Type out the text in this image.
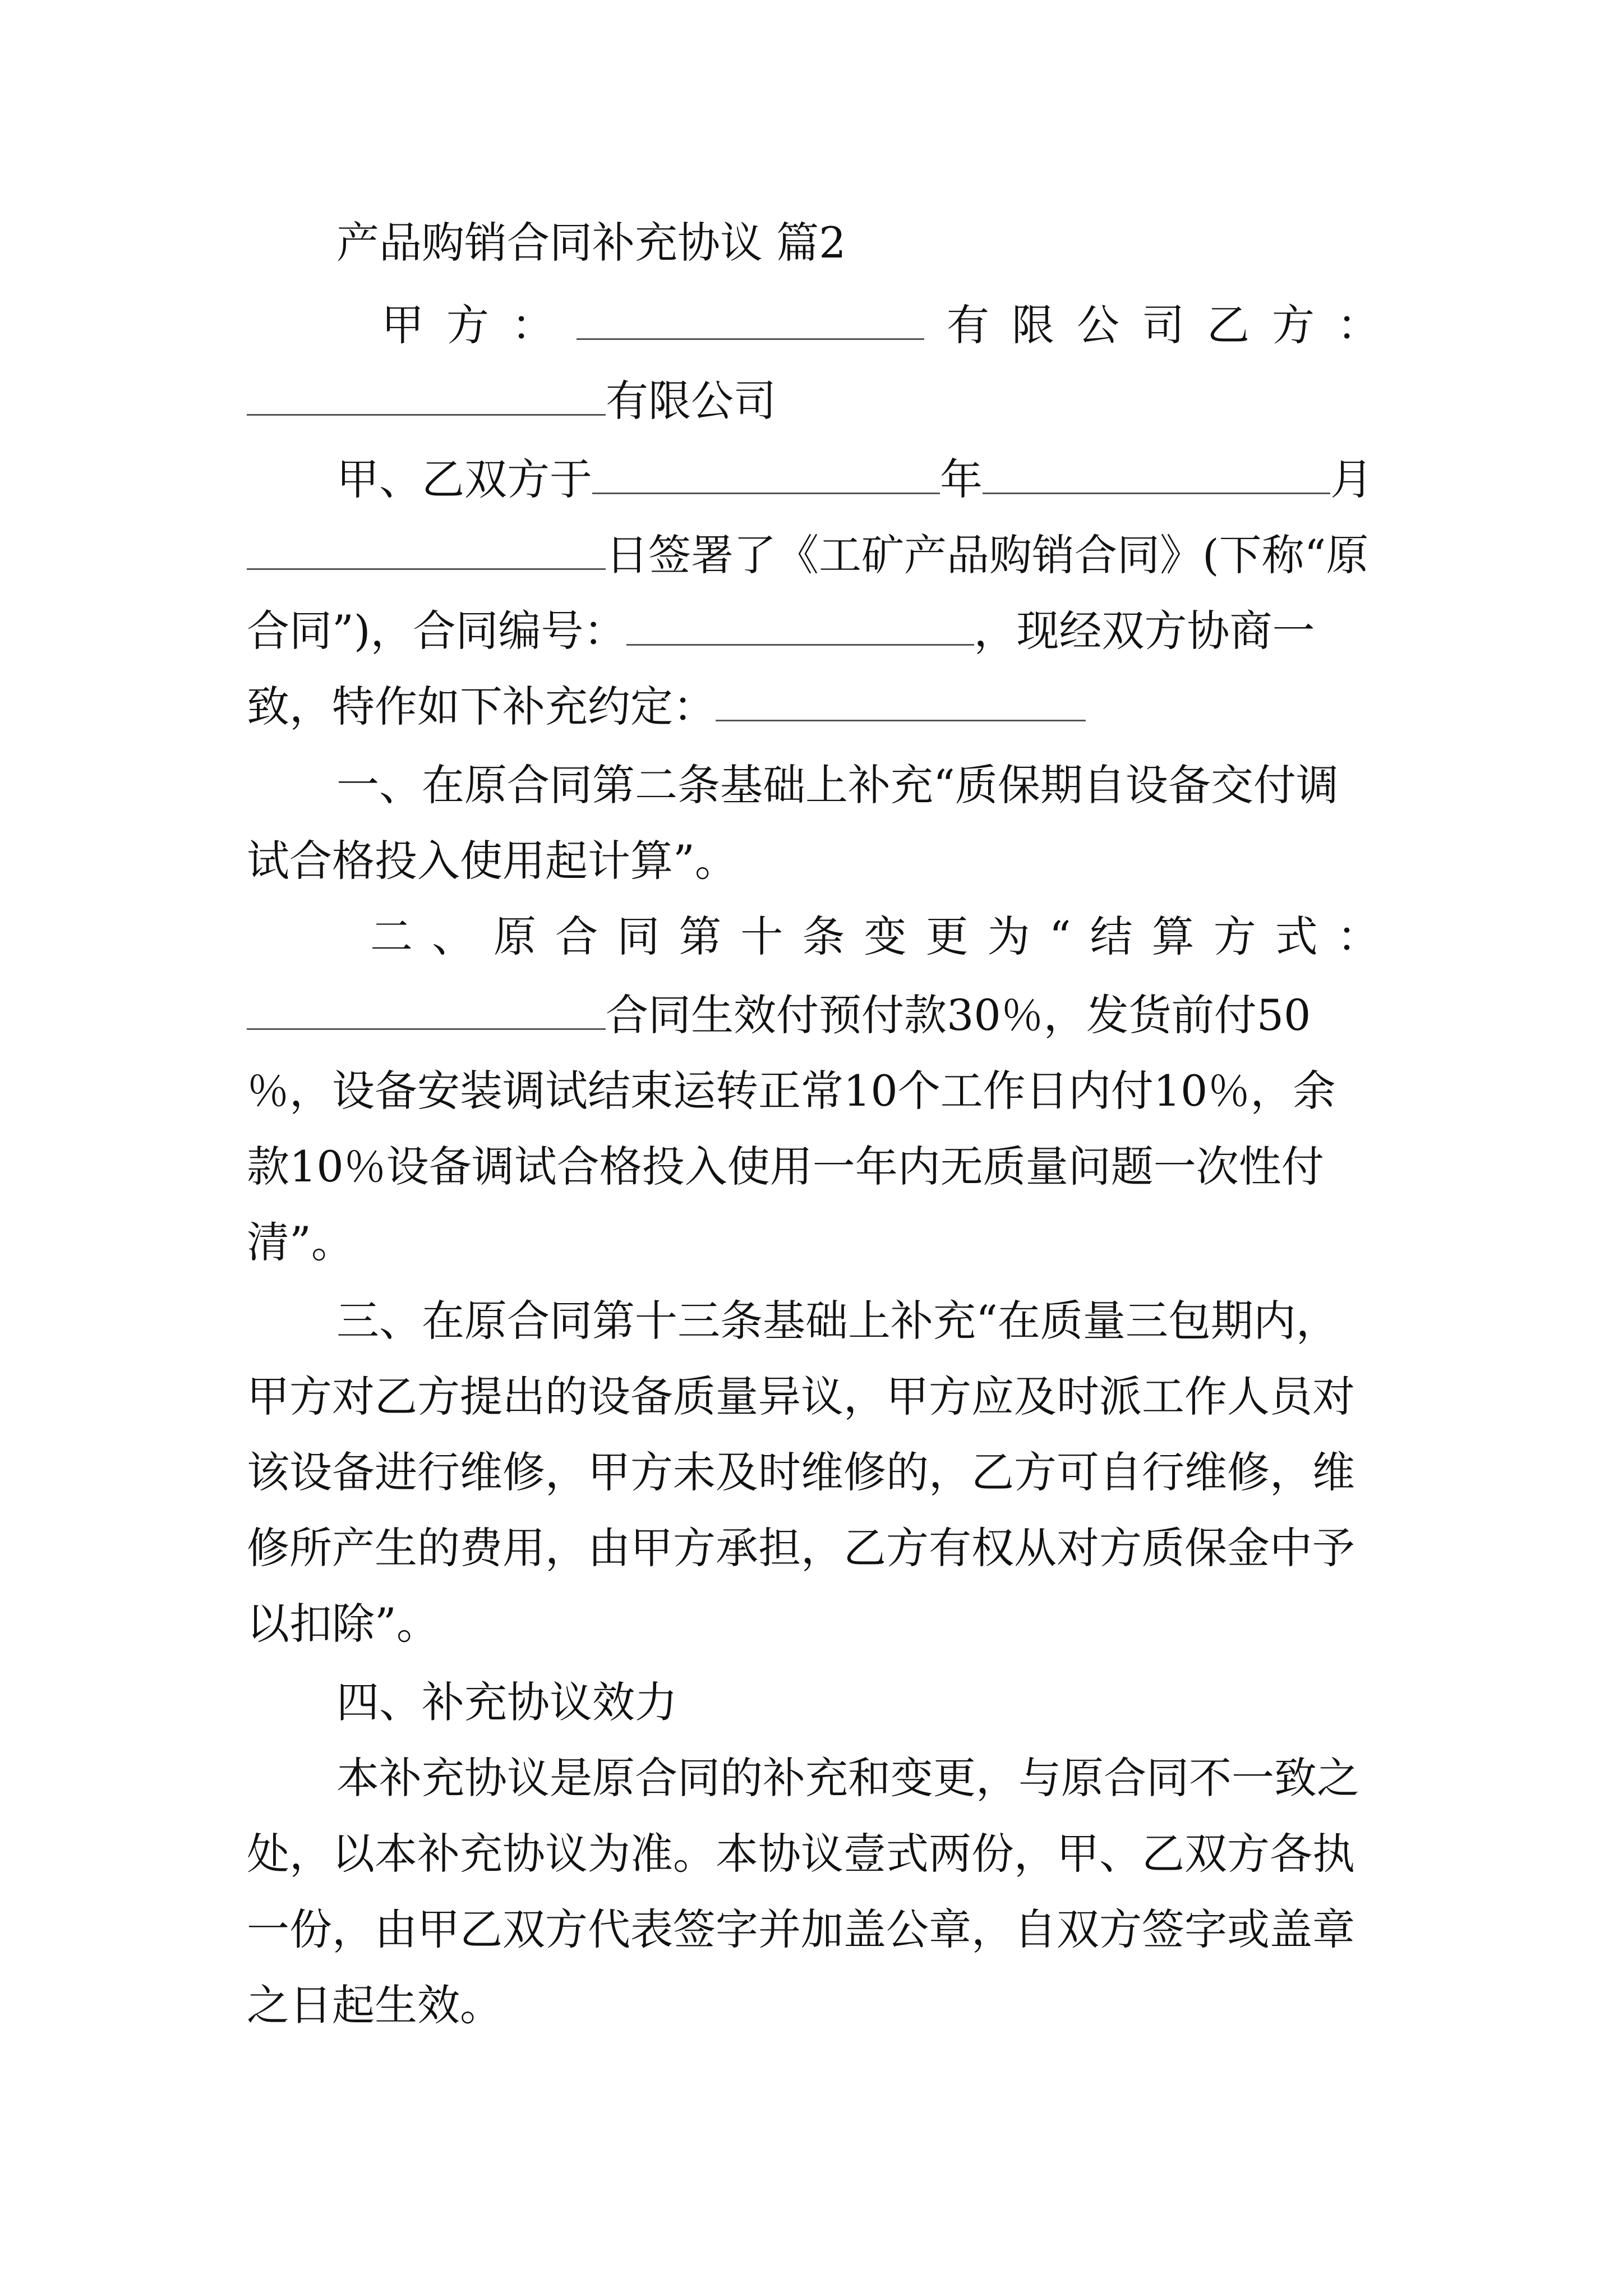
产品购销合同补充协议 篇2
甲 方 ：	有 限 公 司 乙 方 ：
有限公司
甲、乙双方于	年	月
日签署了《工矿产品购销合同》(下称“原
合同”)，合同编号：	，现经双方协商一
致，特作如下补充约定：
一、在原合同第二条基础上补充“质保期自设备交付调
试合格投入使用起计算”。
二 、 原 合 同 第 十 条 变 更 为 “ 结 算 方 式 ：
合同生效付预付款30％，发货前付50
％，设备安装调试结束运转正常10个工作日内付10％，余
款10％设备调试合格投入使用一年内无质量问题一次性付
清”。
三、在原合同第十三条基础上补充“在质量三包期内，
甲方对乙方提出的设备质量异议，甲方应及时派工作人员对
该设备进行维修，甲方未及时维修的，乙方可自行维修，维
修所产生的费用，由甲方承担，乙方有权从对方质保金中予
以扣除”。
四、补充协议效力
本补充协议是原合同的补充和变更，与原合同不一致之
处，以本补充协议为准。本协议壹式两份，甲、乙双方各执
一份，由甲乙双方代表签字并加盖公章，自双方签字或盖章
之日起生效。
